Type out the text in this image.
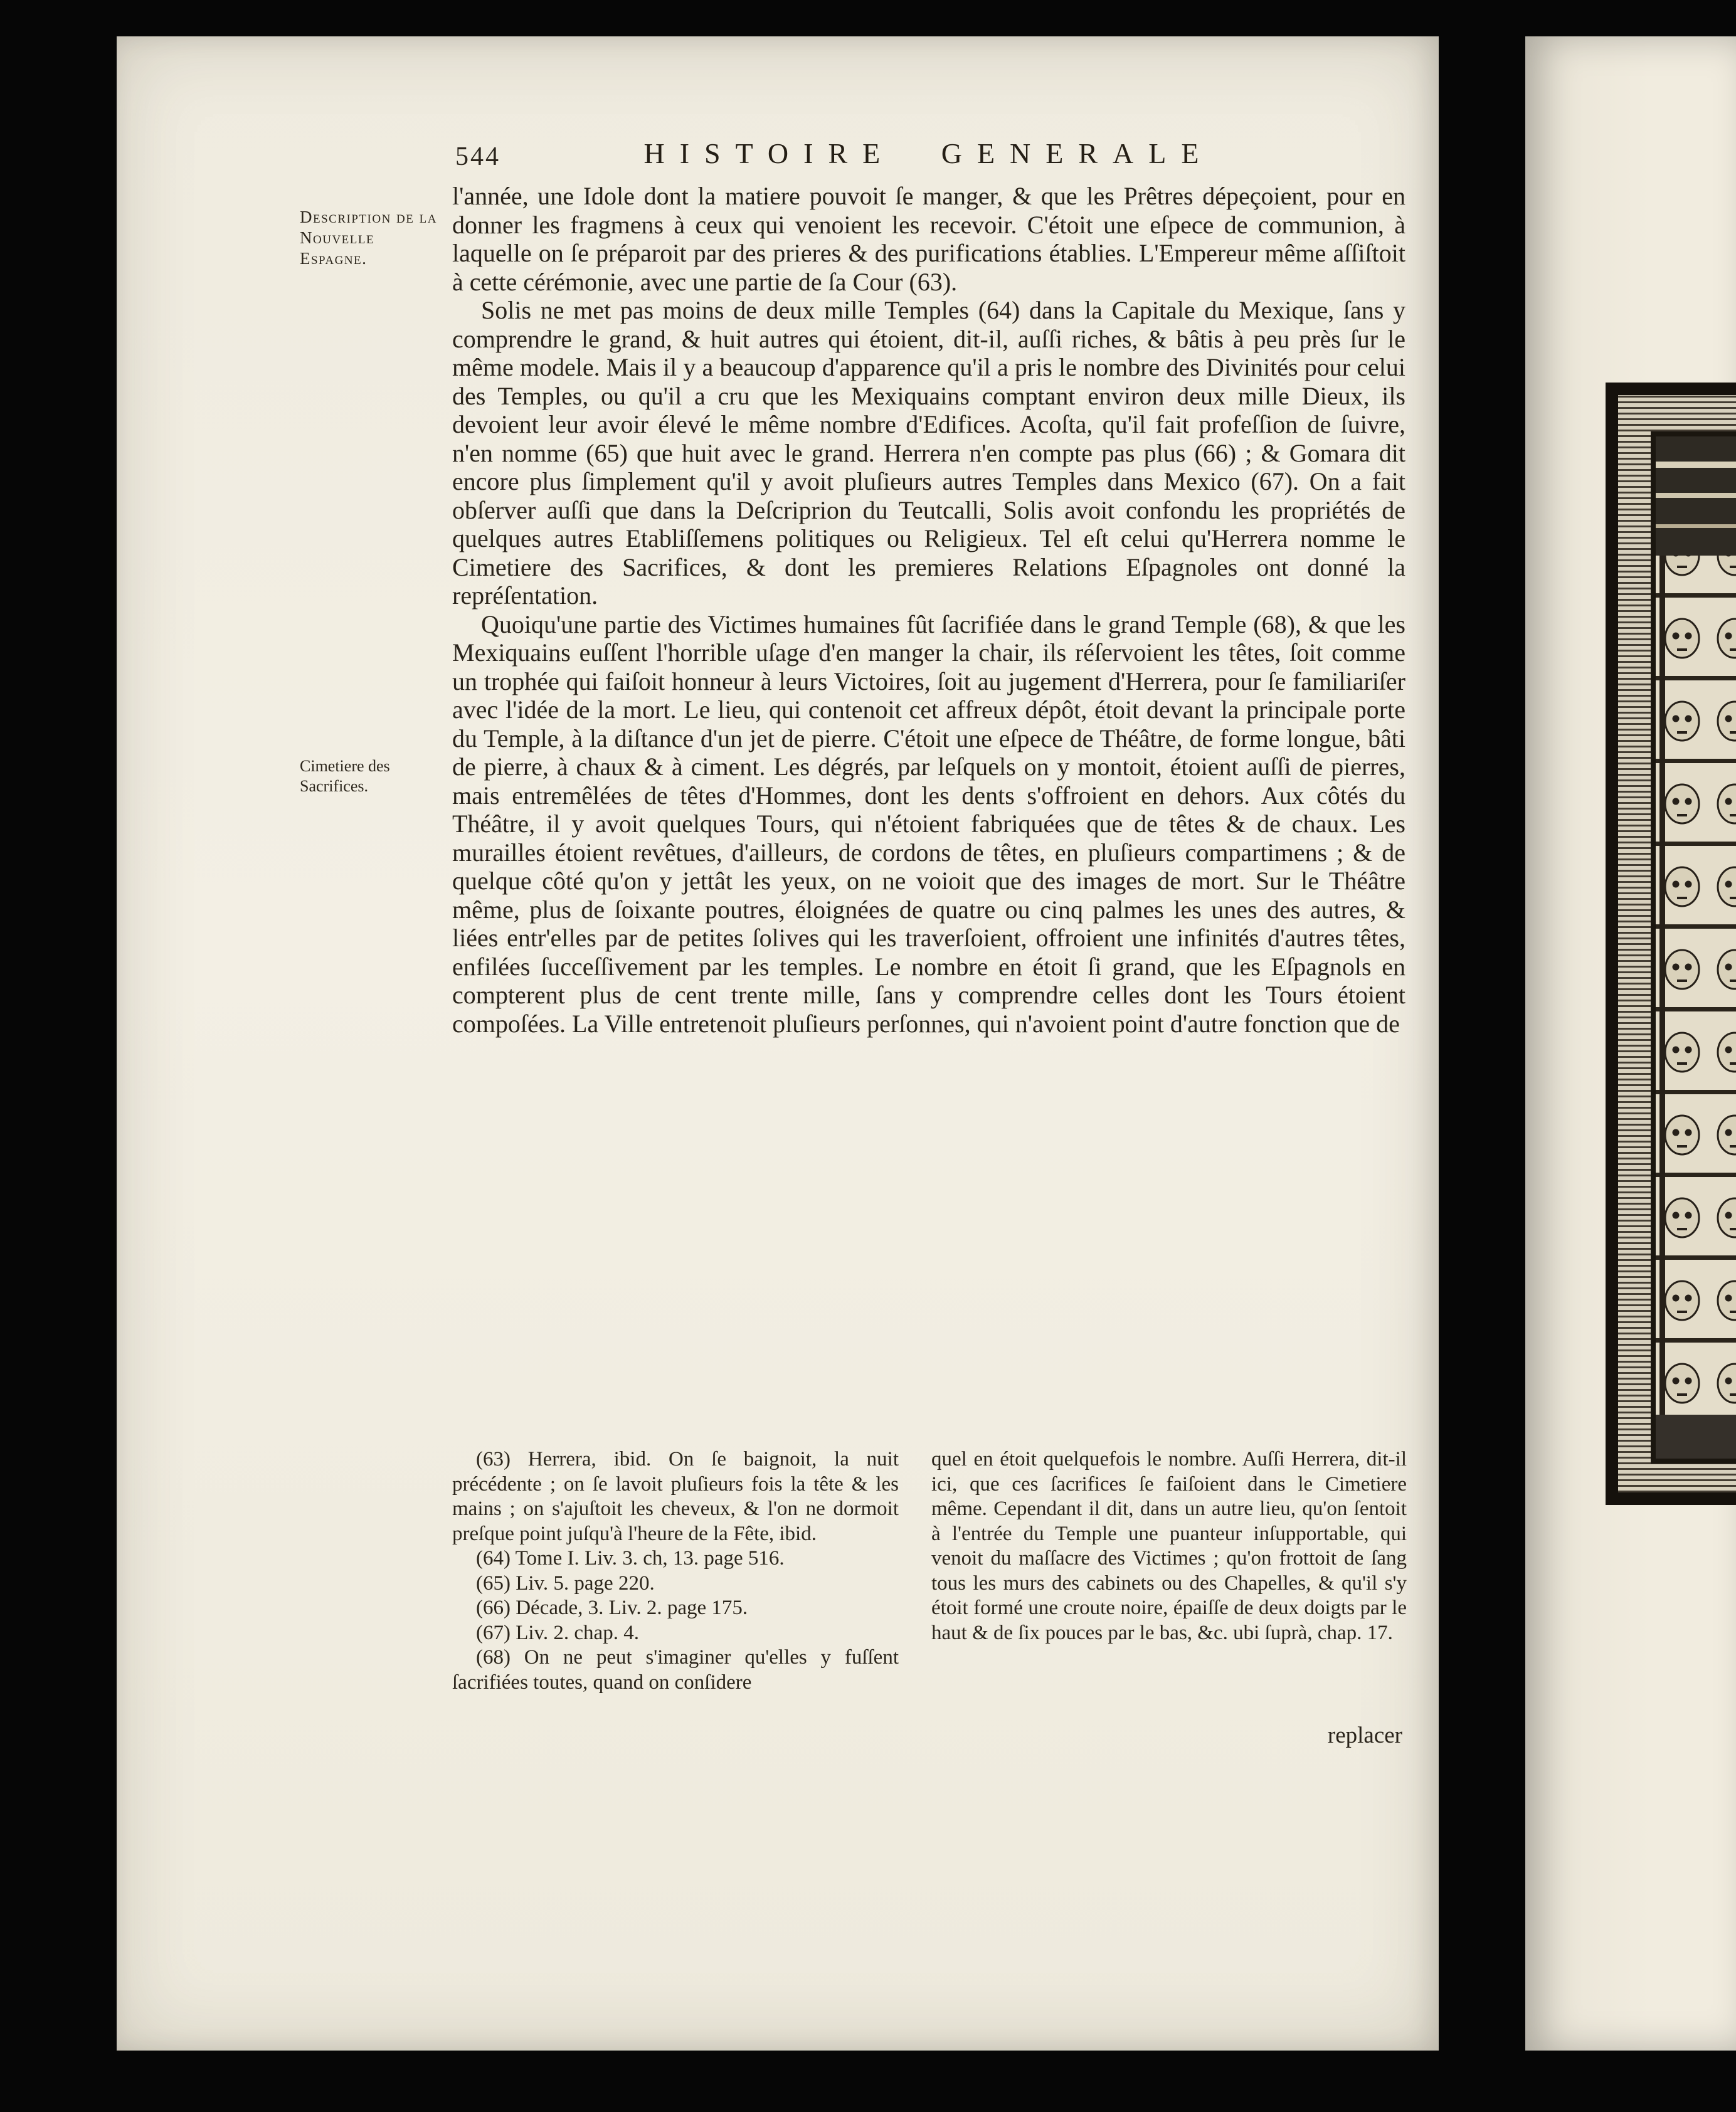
544	HISTOIRE GENERALE
Description de la Nouvelle Espagne.
Cimetiere des Sacrifices.

l'année, une Idole dont la matiere pouvoit ſe manger, & que les Prêtres dépeçoient, pour en donner les fragmens à ceux qui venoient les recevoir. C'étoit une eſpece de communion, à laquelle on ſe préparoit par des prieres & des purifications établies. L'Empereur même aſſiſtoit à cette cérémonie, avec une partie de ſa Cour (63).

Solis ne met pas moins de deux mille Temples (64) dans la Capitale du Mexique, ſans y comprendre le grand, & huit autres qui étoient, dit-il, auſſi riches, & bâtis à peu près ſur le même modele. Mais il y a beaucoup d'apparence qu'il a pris le nombre des Divinités pour celui des Temples, ou qu'il a cru que les Mexiquains comptant environ deux mille Dieux, ils devoient leur avoir élevé le même nombre d'Edifices. Acoſta, qu'il fait profeſſion de ſuivre, n'en nomme (65) que huit avec le grand. Herrera n'en compte pas plus (66) ; & Gomara dit encore plus ſimplement qu'il y avoit pluſieurs autres Temples dans Mexico (67). On a fait obſerver auſſi que dans la Deſcriprion du Teutcalli, Solis avoit confondu les propriétés de quelques autres Etabliſſemens politiques ou Religieux. Tel eſt celui qu'Herrera nomme le Cimetiere des Sacrifices, & dont les premieres Relations Eſpagnoles ont donné la repréſentation.

Quoiqu'une partie des Victimes humaines fût ſacrifiée dans le grand Temple (68), & que les Mexiquains euſſent l'horrible uſage d'en manger la chair, ils réſervoient les têtes, ſoit comme un trophée qui faiſoit honneur à leurs Victoires, ſoit au jugement d'Herrera, pour ſe familiariſer avec l'idée de la mort. Le lieu, qui contenoit cet affreux dépôt, étoit devant la principale porte du Temple, à la diſtance d'un jet de pierre. C'étoit une eſpece de Théâtre, de forme longue, bâti de pierre, à chaux & à ciment. Les dégrés, par leſquels on y montoit, étoient auſſi de pierres, mais entremêlées de têtes d'Hommes, dont les dents s'offroient en dehors. Aux côtés du Théâtre, il y avoit quelques Tours, qui n'étoient fabriquées que de têtes & de chaux. Les murailles étoient revêtues, d'ailleurs, de cordons de têtes, en pluſieurs compartimens ; & de quelque côté qu'on y jettât les yeux, on ne voioit que des images de mort. Sur le Théâtre même, plus de ſoixante poutres, éloignées de quatre ou cinq palmes les unes des autres, & liées entr'elles par de petites ſolives qui les traverſoient, offroient une infinités d'autres têtes, enfilées ſucceſſivement par les temples. Le nombre en étoit ſi grand, que les Eſpagnols en compterent plus de cent trente mille, ſans y comprendre celles dont les Tours étoient compoſées. La Ville entretenoit pluſieurs perſonnes, qui n'avoient point d'autre fonction que de

(63) Herrera, ibid. On ſe baignoit, la nuit précédente ; on ſe lavoit pluſieurs fois la tête & les mains ; on s'ajuſtoit les cheveux, & l'on ne dormoit preſque point juſqu'à l'heure de la Fête, ibid.

(64) Tome I. Liv. 3. ch, 13. page 516.

(65) Liv. 5. page 220.

(66) Décade, 3. Liv. 2. page 175.

(67) Liv. 2. chap. 4.

(68) On ne peut s'imaginer qu'elles y fuſſent ſacrifiées toutes, quand on conſidere

quel en étoit quelquefois le nombre. Auſſi Herrera, dit-il ici, que ces ſacrifices ſe faiſoient dans le Cimetiere même. Cependant il dit, dans un autre lieu, qu'on ſentoit à l'entrée du Temple une puanteur inſupportable, qui venoit du maſſacre des Victimes ; qu'on frottoit de ſang tous les murs des cabinets ou des Chapelles, & qu'il s'y étoit formé une croute noire, épaiſſe de deux doigts par le haut & de ſix pouces par le bas, &c. ubi ſuprà, chap. 17.

replacer
